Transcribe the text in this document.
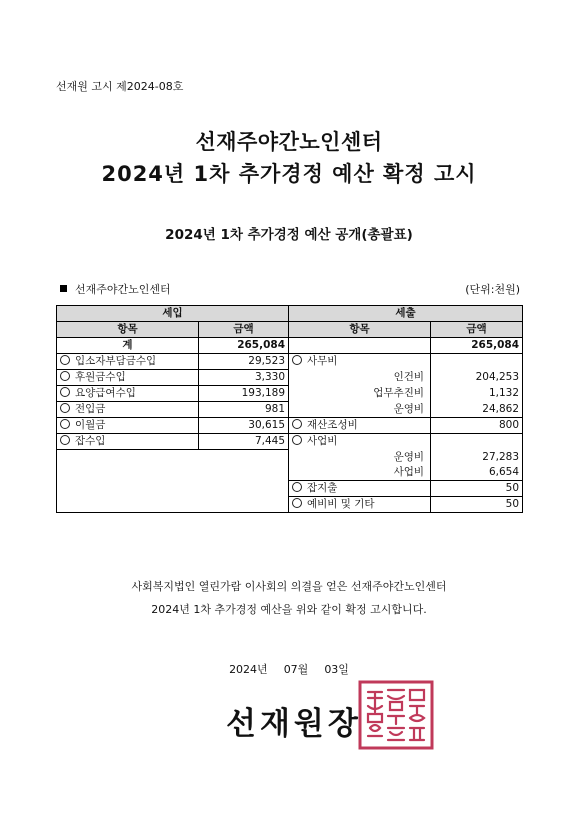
선재원 고시 제2024-08호
선재주야간노인센터
2024년 1차 추가경정 예산 확정 고시
2024년 1차 추가경정 예산 공개(총괄표)
선재주야간노인센터	(단위:천원)
세입		세출	
항목	금액	항목	금액
계	265,084		265,084
입소자부담금수입	29,523	사무비	
후원금수입	3,330	인건비	204,253
요양급여수입	193,189	업무추진비	1,132
전입금	981	운영비	24,862
이월금	30,615	재산조성비	800
잡수입	7,445	사업비	
		운영비	27,283
		사업비	6,654
		잡지출	50
		예비비 및 기타	50
사회복지법인 열린가람 이사회의 의결을 얻은 선재주야간노인센터
2024년 1차 추가경정 예산을 위와 같이 확정 고시합니다.
2024년 07월 03일
선재원장
